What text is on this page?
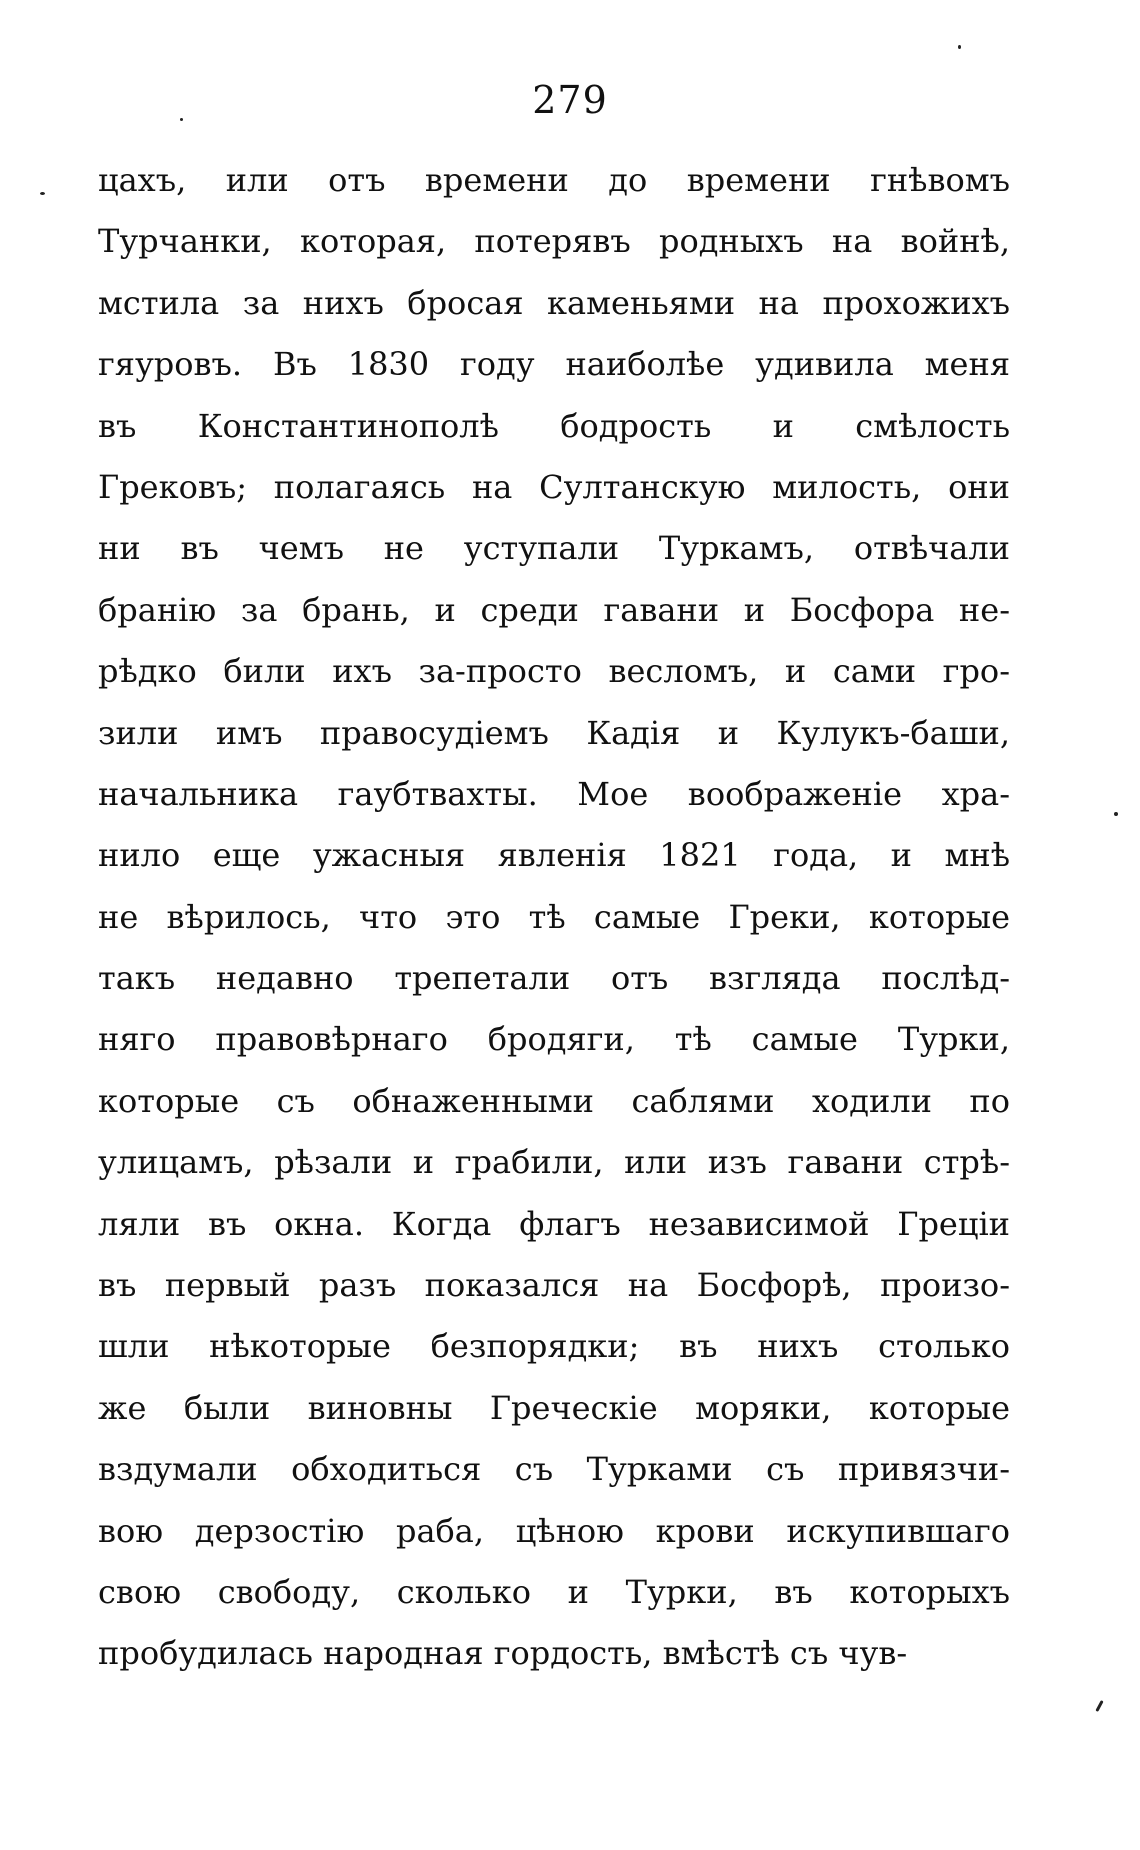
279
цахъ, или отъ времени до времени гнѣвомъ
Турчанки, которая, потерявъ родныхъ на войнѣ,
мстила за нихъ бросая каменьями на прохожихъ
гяуровъ. Въ 1830 году наиболѣе удивила меня
въ Константинополѣ бодрость и смѣлость
Грековъ; полагаясь на Султанскую милость, они
ни въ чемъ не уступали Туркамъ, отвѣчали
бранію за брань, и среди гавани и Босфора не-
рѣдко били ихъ за-просто весломъ, и сами гро-
зили имъ правосудіемъ Кадія и Кулукъ-баши,
начальника гаубтвахты. Мое воображеніе хра-
нило еще ужасныя явленія 1821 года, и мнѣ
не вѣрилось, что это тѣ самые Греки, которые
такъ недавно трепетали отъ взгляда послѣд-
няго правовѣрнаго бродяги, тѣ самые Турки,
которые съ обнаженными саблями ходили по
улицамъ, рѣзали и грабили, или изъ гавани стрѣ-
ляли въ окна. Когда флагъ независимой Греціи
въ первый разъ показался на Босфорѣ, произо-
шли нѣкоторые безпорядки; въ нихъ столько
же были виновны Греческіе моряки, которые
вздумали обходиться съ Турками съ привязчи-
вою дерзостію раба, цѣною крови искупившаго
свою свободу, сколько и Турки, въ которыхъ
пробудилась народная гордость, вмѣстѣ съ чув-
